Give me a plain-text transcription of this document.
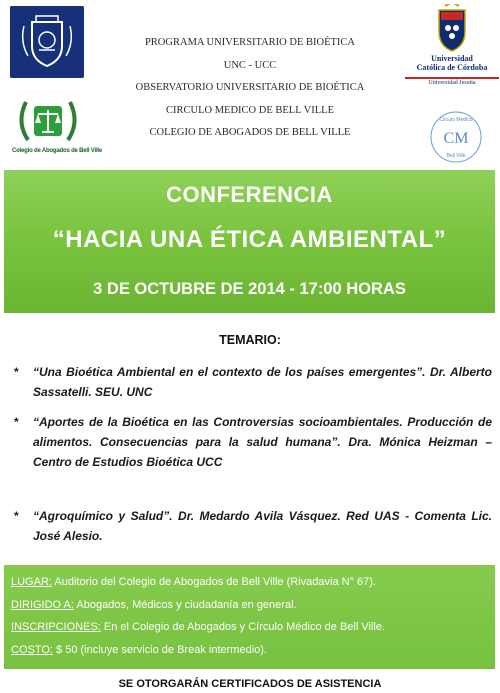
Colegio de Abogados de Bell Ville
PROGRAMA UNIVERSITARIO DE BIOÉTICA
UNC - UCC
OBSERVATORIO UNIVERSITARIO DE BIOÉTICA
CIRCULO MEDICO DE BELL VILLE
COLEGIO DE ABOGADOS DE BELL VILLE
Universidad
Católica de Córdoba
Universidad Jesuita
Circulo Medico
CM
Bell Ville
CONFERENCIA
“HACIA UNA ÉTICA AMBIENTAL”
3 DE OCTUBRE DE 2014 - 17:00 HORAS
TEMARIO:
* “Una Bioética Ambiental en el contexto de los países emergentes”. Dr. Alberto Sassatelli. SEU. UNC
* “Aportes de la Bioética en las Controversias socioambientales. Producción de alimentos. Consecuencias para la salud humana”. Dra. Mónica Heizman – Centro de Estudios Bioética UCC
* “Agroquímico y Salud”. Dr. Medardo Avila Vásquez. Red UAS - Comenta Lic. José Alesio.
LUGAR: Auditorio del Colegio de Abogados de Bell Ville (Rivadavia N° 67).
DIRIGIDO A: Abogados, Médicos y ciudadanía en general.
INSCRIPCIONES: En el Colegio de Abogados y Círculo Médico de Bell Ville.
COSTO: $ 50 (incluye servicio de Break intermedio).
SE OTORGARÁN CERTIFICADOS DE ASISTENCIA
